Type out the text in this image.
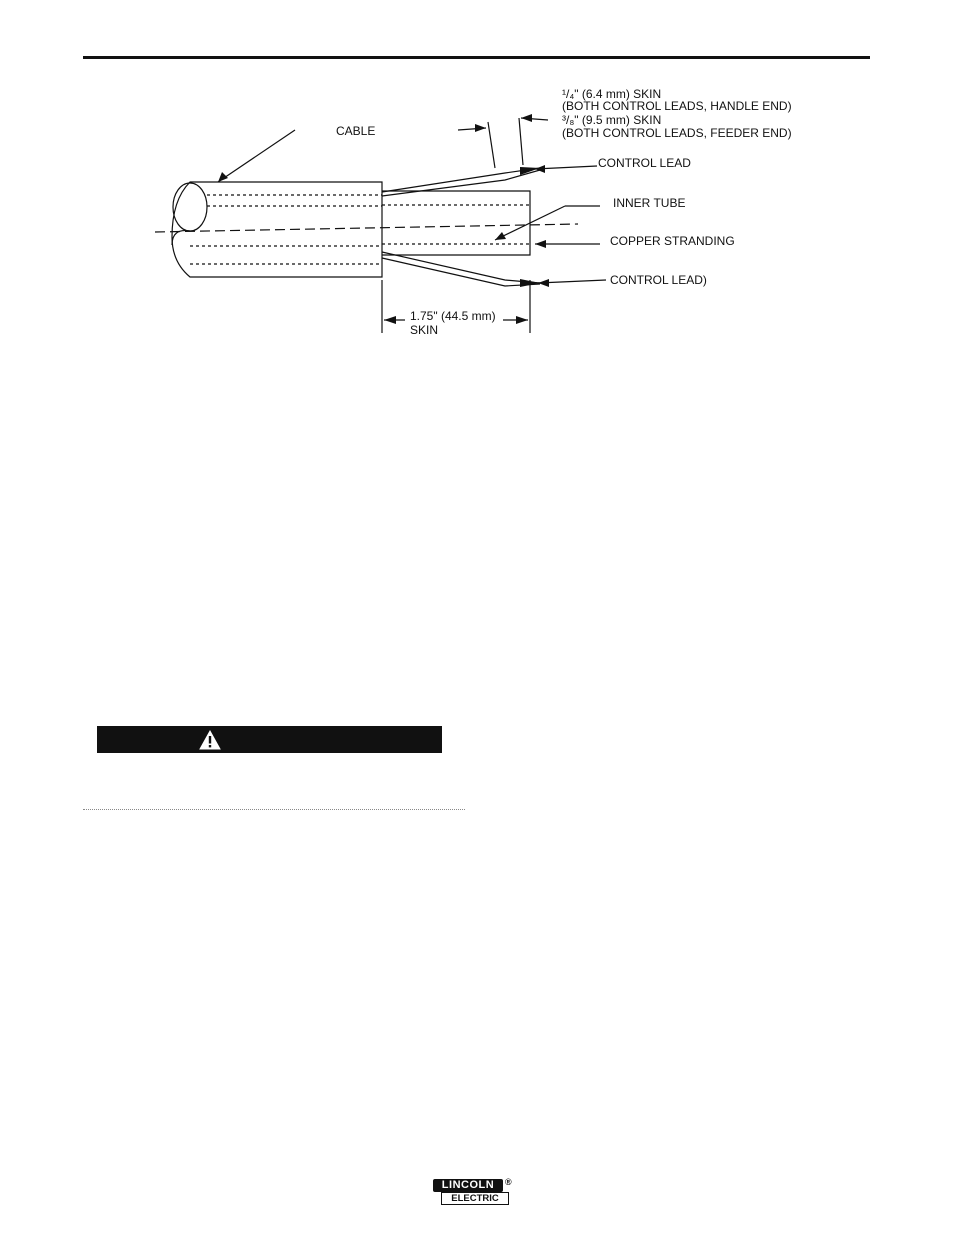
CABLE
¹/₄" (6.4 mm) SKIN
(BOTH CONTROL LEADS, HANDLE END)
³/₈" (9.5 mm) SKIN
(BOTH CONTROL LEADS, FEEDER END)
CONTROL LEAD
INNER TUBE
COPPER STRANDING
CONTROL LEAD)
1.75" (44.5 mm)
SKIN
LINCOLN
ELECTRIC
®
